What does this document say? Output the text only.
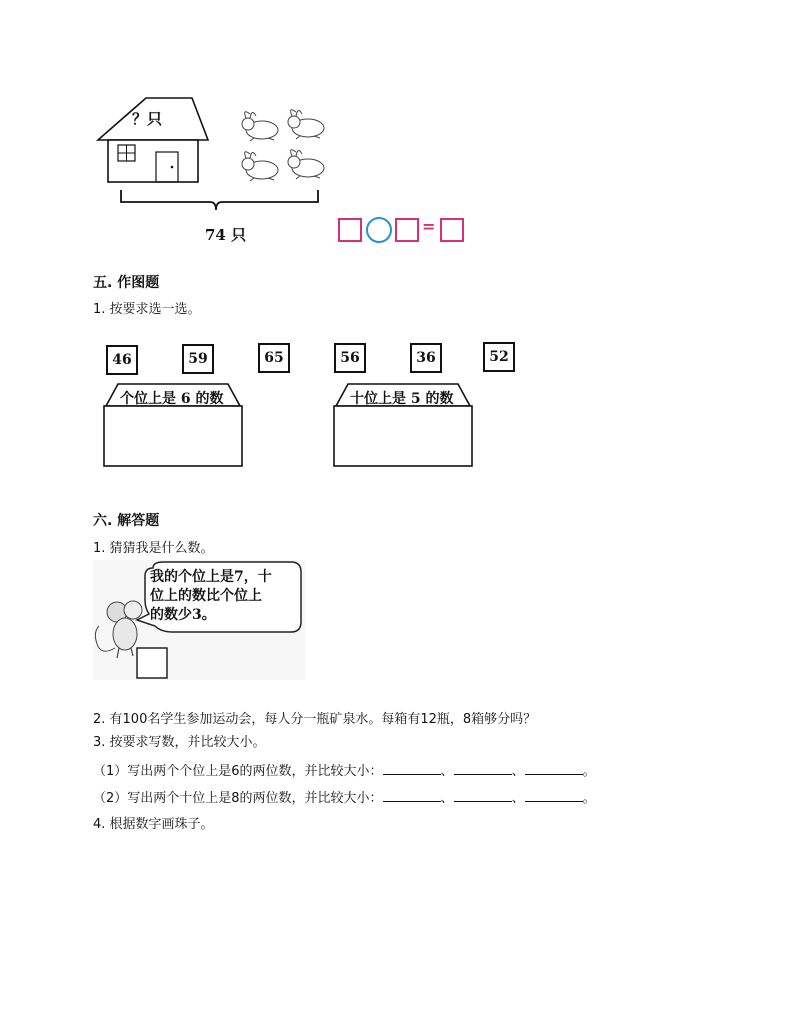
？只
74 只	=
五. 作图题
1. 按要求选一选。
46	59	65	56	36	52
个位上是 6 的数	十位上是 5 的数
六. 解答题
1. 猜猜我是什么数。
我的个位上是7，十
位上的数比个位上
的数少3。
2. 有100名学生参加运动会，每人分一瓶矿泉水。每箱有12瓶，8箱够分吗？
3. 按要求写数，并比较大小。
（1）写出两个个位上是6的两位数，并比较大小：	、	、	。
（2）写出两个十位上是8的两位数，并比较大小：	、	、	。
4. 根据数字画珠子。
